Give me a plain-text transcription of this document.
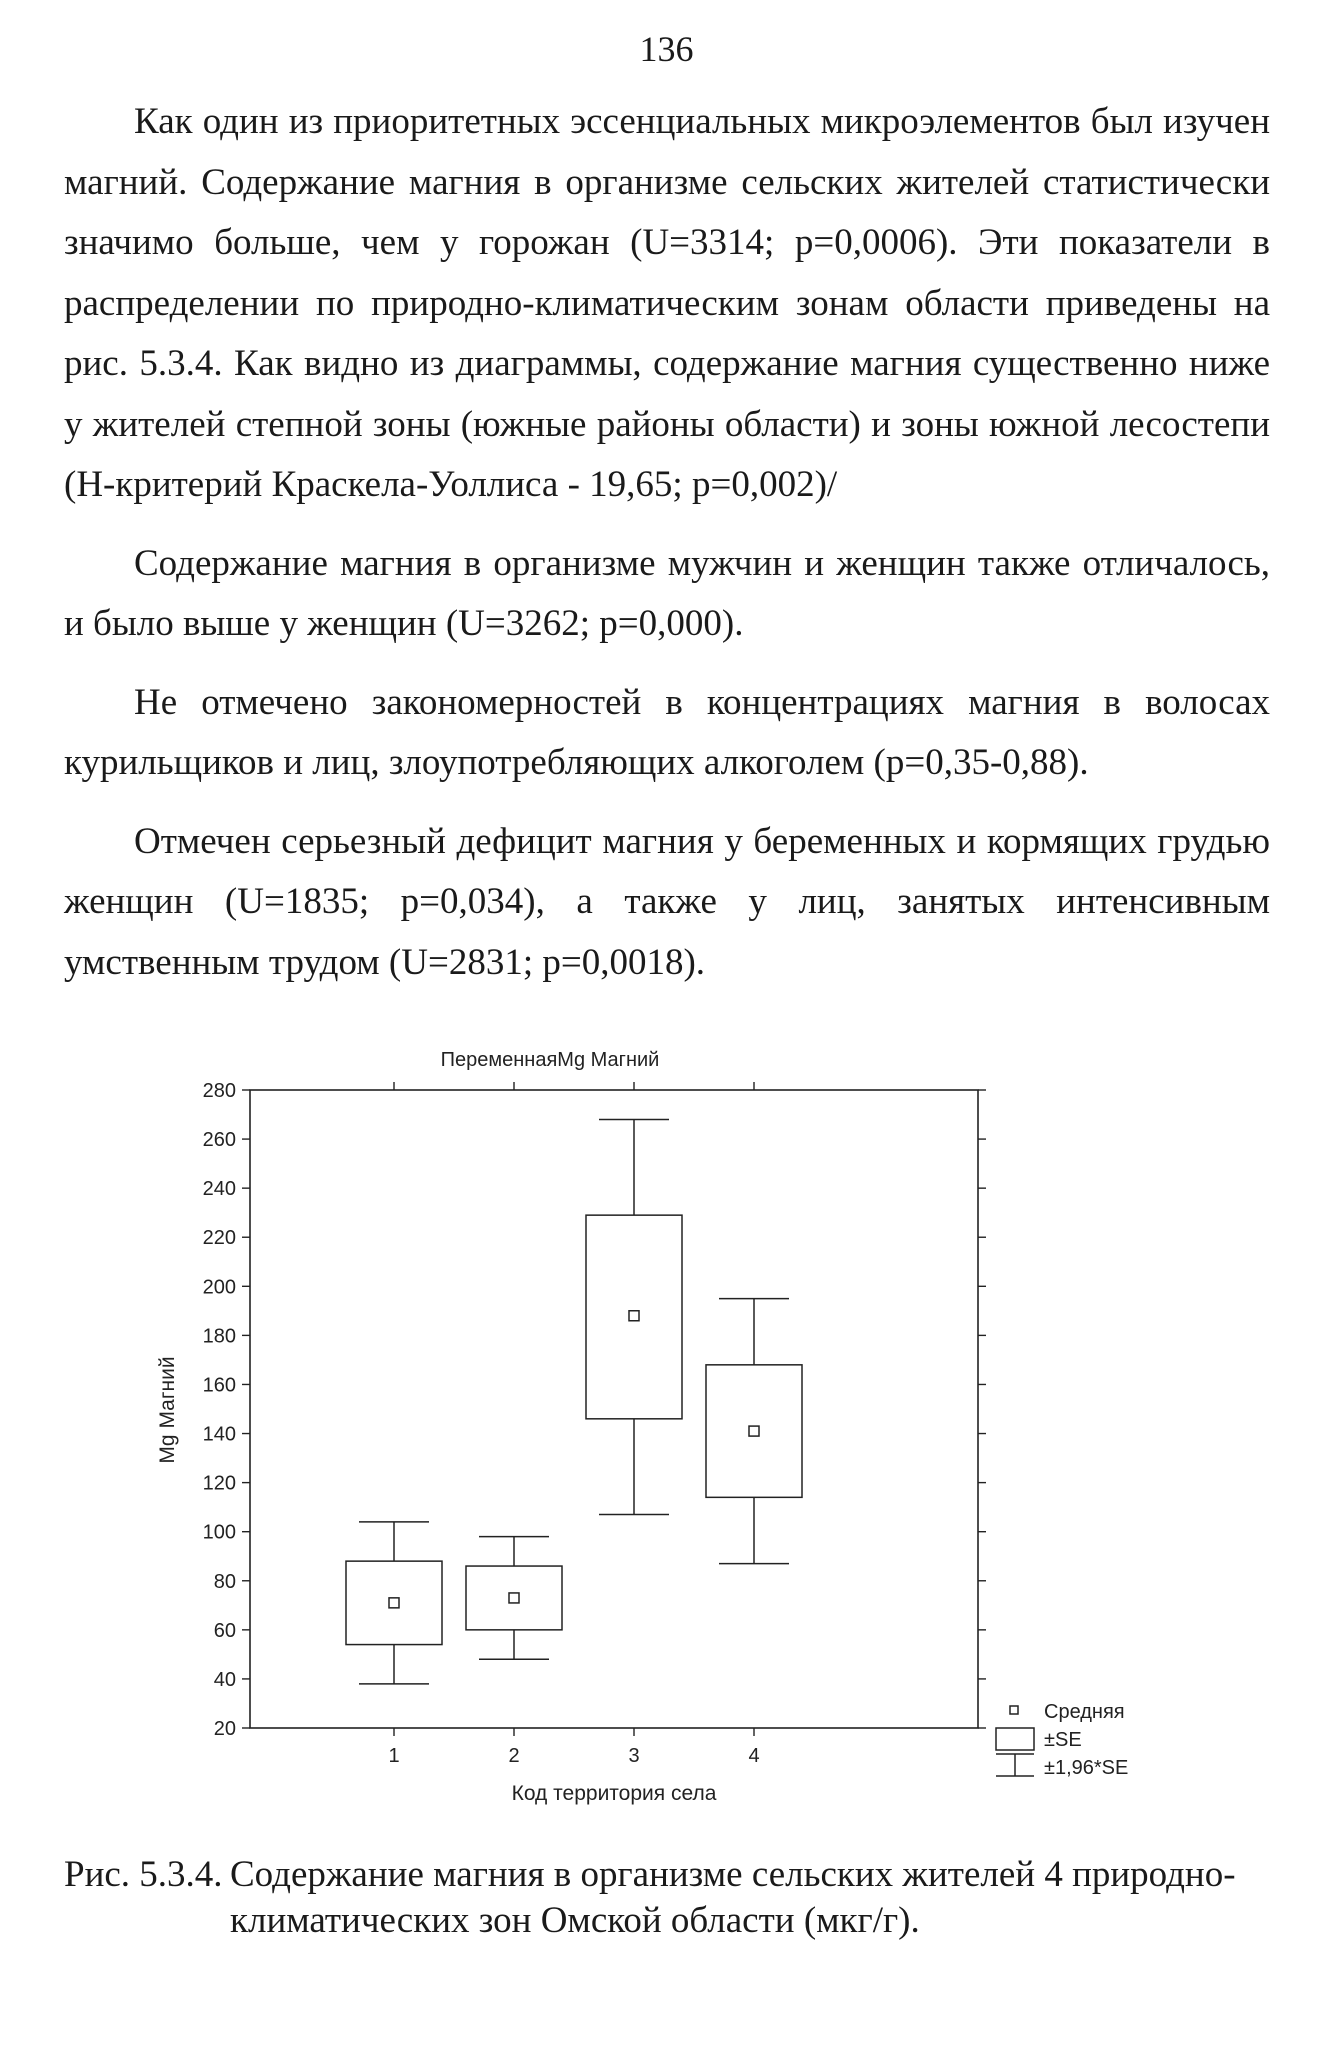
136

Как один из приоритетных эссенциальных микроэлементов был изучен магний. Содержание магния в организме сельских жителей статистически значимо больше, чем у горожан (U=3314; p=0,0006). Эти показатели в распределении по природно-климатическим зонам области приведены на рис. 5.3.4. Как видно из диаграммы, содержание магния существенно ниже у жителей степной зоны (южные районы области) и зоны южной лесостепи (H-критерий Краскела-Уоллиса - 19,65; p=0,002)/

Содержание магния в организме мужчин и женщин также отличалось, и было выше у женщин (U=3262; p=0,000).

Не отмечено закономерностей в концентрациях магния в волосах курильщиков и лиц, злоупотребляющих алкоголем (p=0,35-0,88).

Отмечен серьезный дефицит магния у беременных и кормящих грудью женщин (U=1835; p=0,034), а также у лиц, занятых интенсивным умственным трудом (U=2831; p=0,0018).

ПеременнаяMg Магний
20
40
60
80
100
120
140
160
180
200
220
240
260
280
1	2	3	4
Mg Магний
Код территория села
Средняя
±SE
±1,96*SE
Рис. 5.3.4. Содержание магния в организме сельских жителей 4 природно-климатических зон Омской области (мкг/г).
